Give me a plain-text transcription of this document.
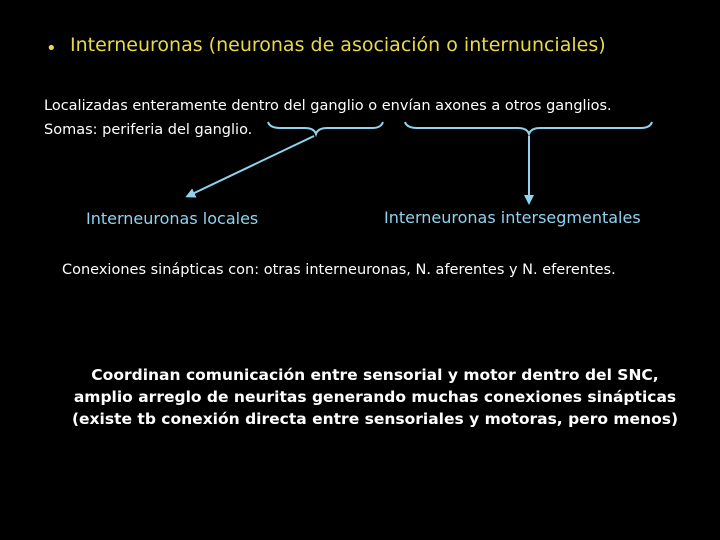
• Interneuronas (neuronas de asociación o internunciales)
Localizadas enteramente dentro del ganglio o envían axones a otros ganglios.
Somas: periferia del ganglio.
Interneuronas locales	Interneuronas intersegmentales
Conexiones sinápticas con: otras interneuronas, N. aferentes y N. eferentes.
Coordinan comunicación entre sensorial y motor dentro del SNC,
amplio arreglo de neuritas generando muchas conexiones sinápticas
(existe tb conexión directa entre sensoriales y motoras, pero menos)
